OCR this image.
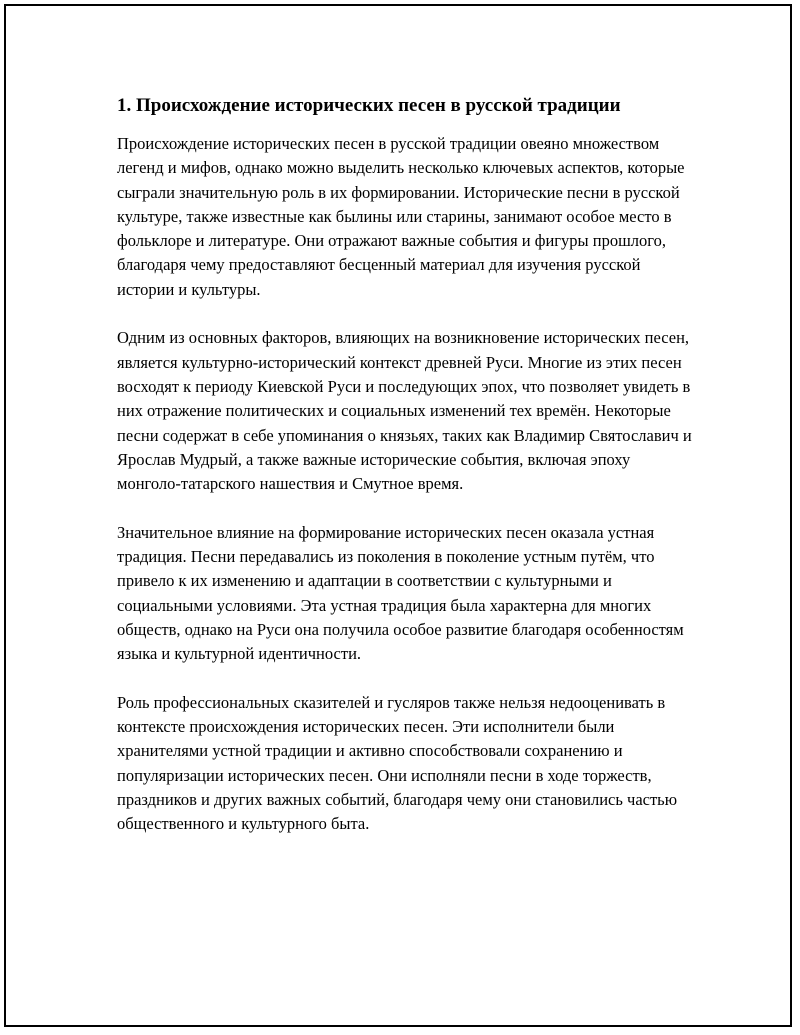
1. Происхождение исторических песен в русской традиции

Происхождение исторических песен в русской традиции овеяно множеством легенд и мифов, однако можно выделить несколько ключевых аспектов, которые сыграли значительную роль в их формировании. Исторические песни в русской культуре, также известные как былины или старины, занимают особое место в фольклоре и литературе. Они отражают важные события и фигуры прошлого, благодаря чему предоставляют бесценный материал для изучения русской истории и культуры.

Одним из основных факторов, влияющих на возникновение исторических песен, является культурно-исторический контекст древней Руси. Многие из этих песен восходят к периоду Киевской Руси и последующих эпох, что позволяет увидеть в них отражение политических и социальных изменений тех времён. Некоторые песни содержат в себе упоминания о князьях, таких как Владимир Святославич и Ярослав Мудрый, а также важные исторические события, включая эпоху монголо-татарского нашествия и Смутное время.

Значительное влияние на формирование исторических песен оказала устная традиция. Песни передавались из поколения в поколение устным путём, что привело к их изменению и адаптации в соответствии с культурными и социальными условиями. Эта устная традиция была характерна для многих обществ, однако на Руси она получила особое развитие благодаря особенностям языка и культурной идентичности.

Роль профессиональных сказителей и гусляров также нельзя недооценивать в контексте происхождения исторических песен. Эти исполнители были хранителями устной традиции и активно способствовали сохранению и популяризации исторических песен. Они исполняли песни в ходе торжеств, праздников и других важных событий, благодаря чему они становились частью общественного и культурного быта.
